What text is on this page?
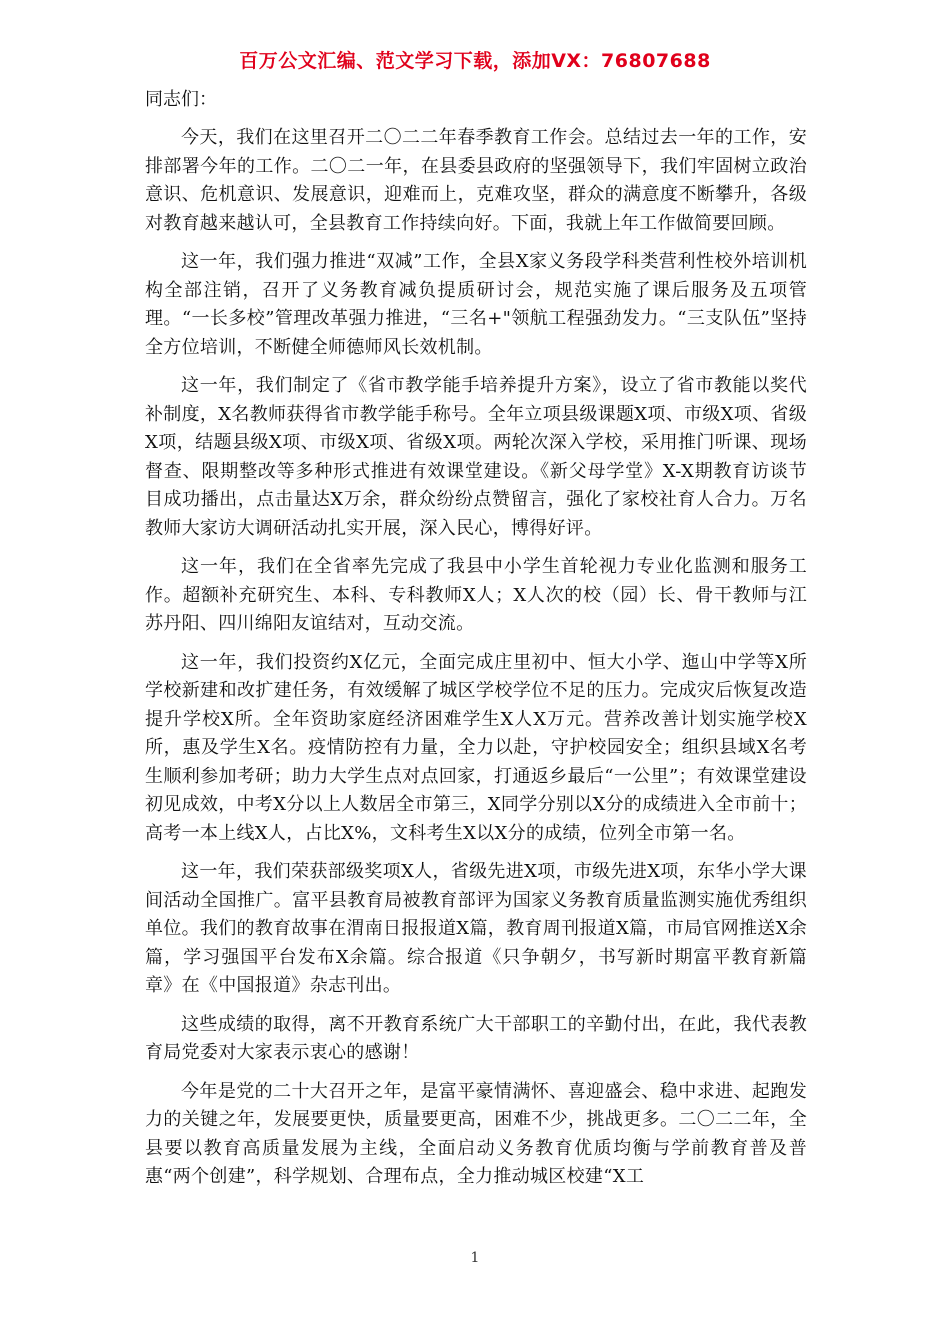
百万公文汇编、范文学习下载，添加VX：76807688

同志们：

今天，我们在这里召开二〇二二年春季教育工作会。总结过去一年的工作，安排部署今年的工作。二〇二一年，在县委县政府的坚强领导下，我们牢固树立政治意识、危机意识、发展意识，迎难而上，克难攻坚，群众的满意度不断攀升，各级对教育越来越认可，全县教育工作持续向好。下面，我就上年工作做简要回顾。

这一年，我们强力推进“双减”工作，全县X家义务段学科类营利性校外培训机构全部注销，召开了义务教育减负提质研讨会，规范实施了课后服务及五项管理。“一长多校”管理改革强力推进，“三名+"领航工程强劲发力。“三支队伍”坚持全方位培训，不断健全师德师风长效机制。

这一年，我们制定了《省市教学能手培养提升方案》，设立了省市教能以奖代补制度，X名教师获得省市教学能手称号。全年立项县级课题X项、市级X项、省级X项，结题县级X项、市级X项、省级X项。两轮次深入学校，采用推门听课、现场督查、限期整改等多种形式推进有效课堂建设。《新父母学堂》X-X期教育访谈节目成功播出，点击量达X万余，群众纷纷点赞留言，强化了家校社育人合力。万名教师大家访大调研活动扎实开展，深入民心，博得好评。

这一年，我们在全省率先完成了我县中小学生首轮视力专业化监测和服务工作。超额补充研究生、本科、专科教师X人；X人次的校（园）长、骨干教师与江苏丹阳、四川绵阳友谊结对，互动交流。

这一年，我们投资约X亿元，全面完成庄里初中、恒大小学、迤山中学等X所学校新建和改扩建任务，有效缓解了城区学校学位不足的压力。完成灾后恢复改造提升学校X所。全年资助家庭经济困难学生X人X万元。营养改善计划实施学校X所，惠及学生X名。疫情防控有力量，全力以赴，守护校园安全；组织县域X名考生顺利参加考研；助力大学生点对点回家，打通返乡最后“一公里”；有效课堂建设初见成效，中考X分以上人数居全市第三，X同学分别以X分的成绩进入全市前十；高考一本上线X人，占比X%，文科考生X以X分的成绩，位列全市第一名。

这一年，我们荣获部级奖项X人，省级先进X项，市级先进X项，东华小学大课间活动全国推广。富平县教育局被教育部评为国家义务教育质量监测实施优秀组织单位。我们的教育故事在渭南日报报道X篇，教育周刊报道X篇，市局官网推送X余篇，学习强国平台发布X余篇。综合报道《只争朝夕，书写新时期富平教育新篇章》在《中国报道》杂志刊出。

这些成绩的取得，离不开教育系统广大干部职工的辛勤付出，在此，我代表教育局党委对大家表示衷心的感谢！

今年是党的二十大召开之年，是富平豪情满怀、喜迎盛会、稳中求进、起跑发力的关键之年，发展要更快，质量要更高，困难不少，挑战更多。二〇二二年，全县要以教育高质量发展为主线，全面启动义务教育优质均衡与学前教育普及普惠“两个创建”，科学规划、合理布点，全力推动城区校建“X工

1
